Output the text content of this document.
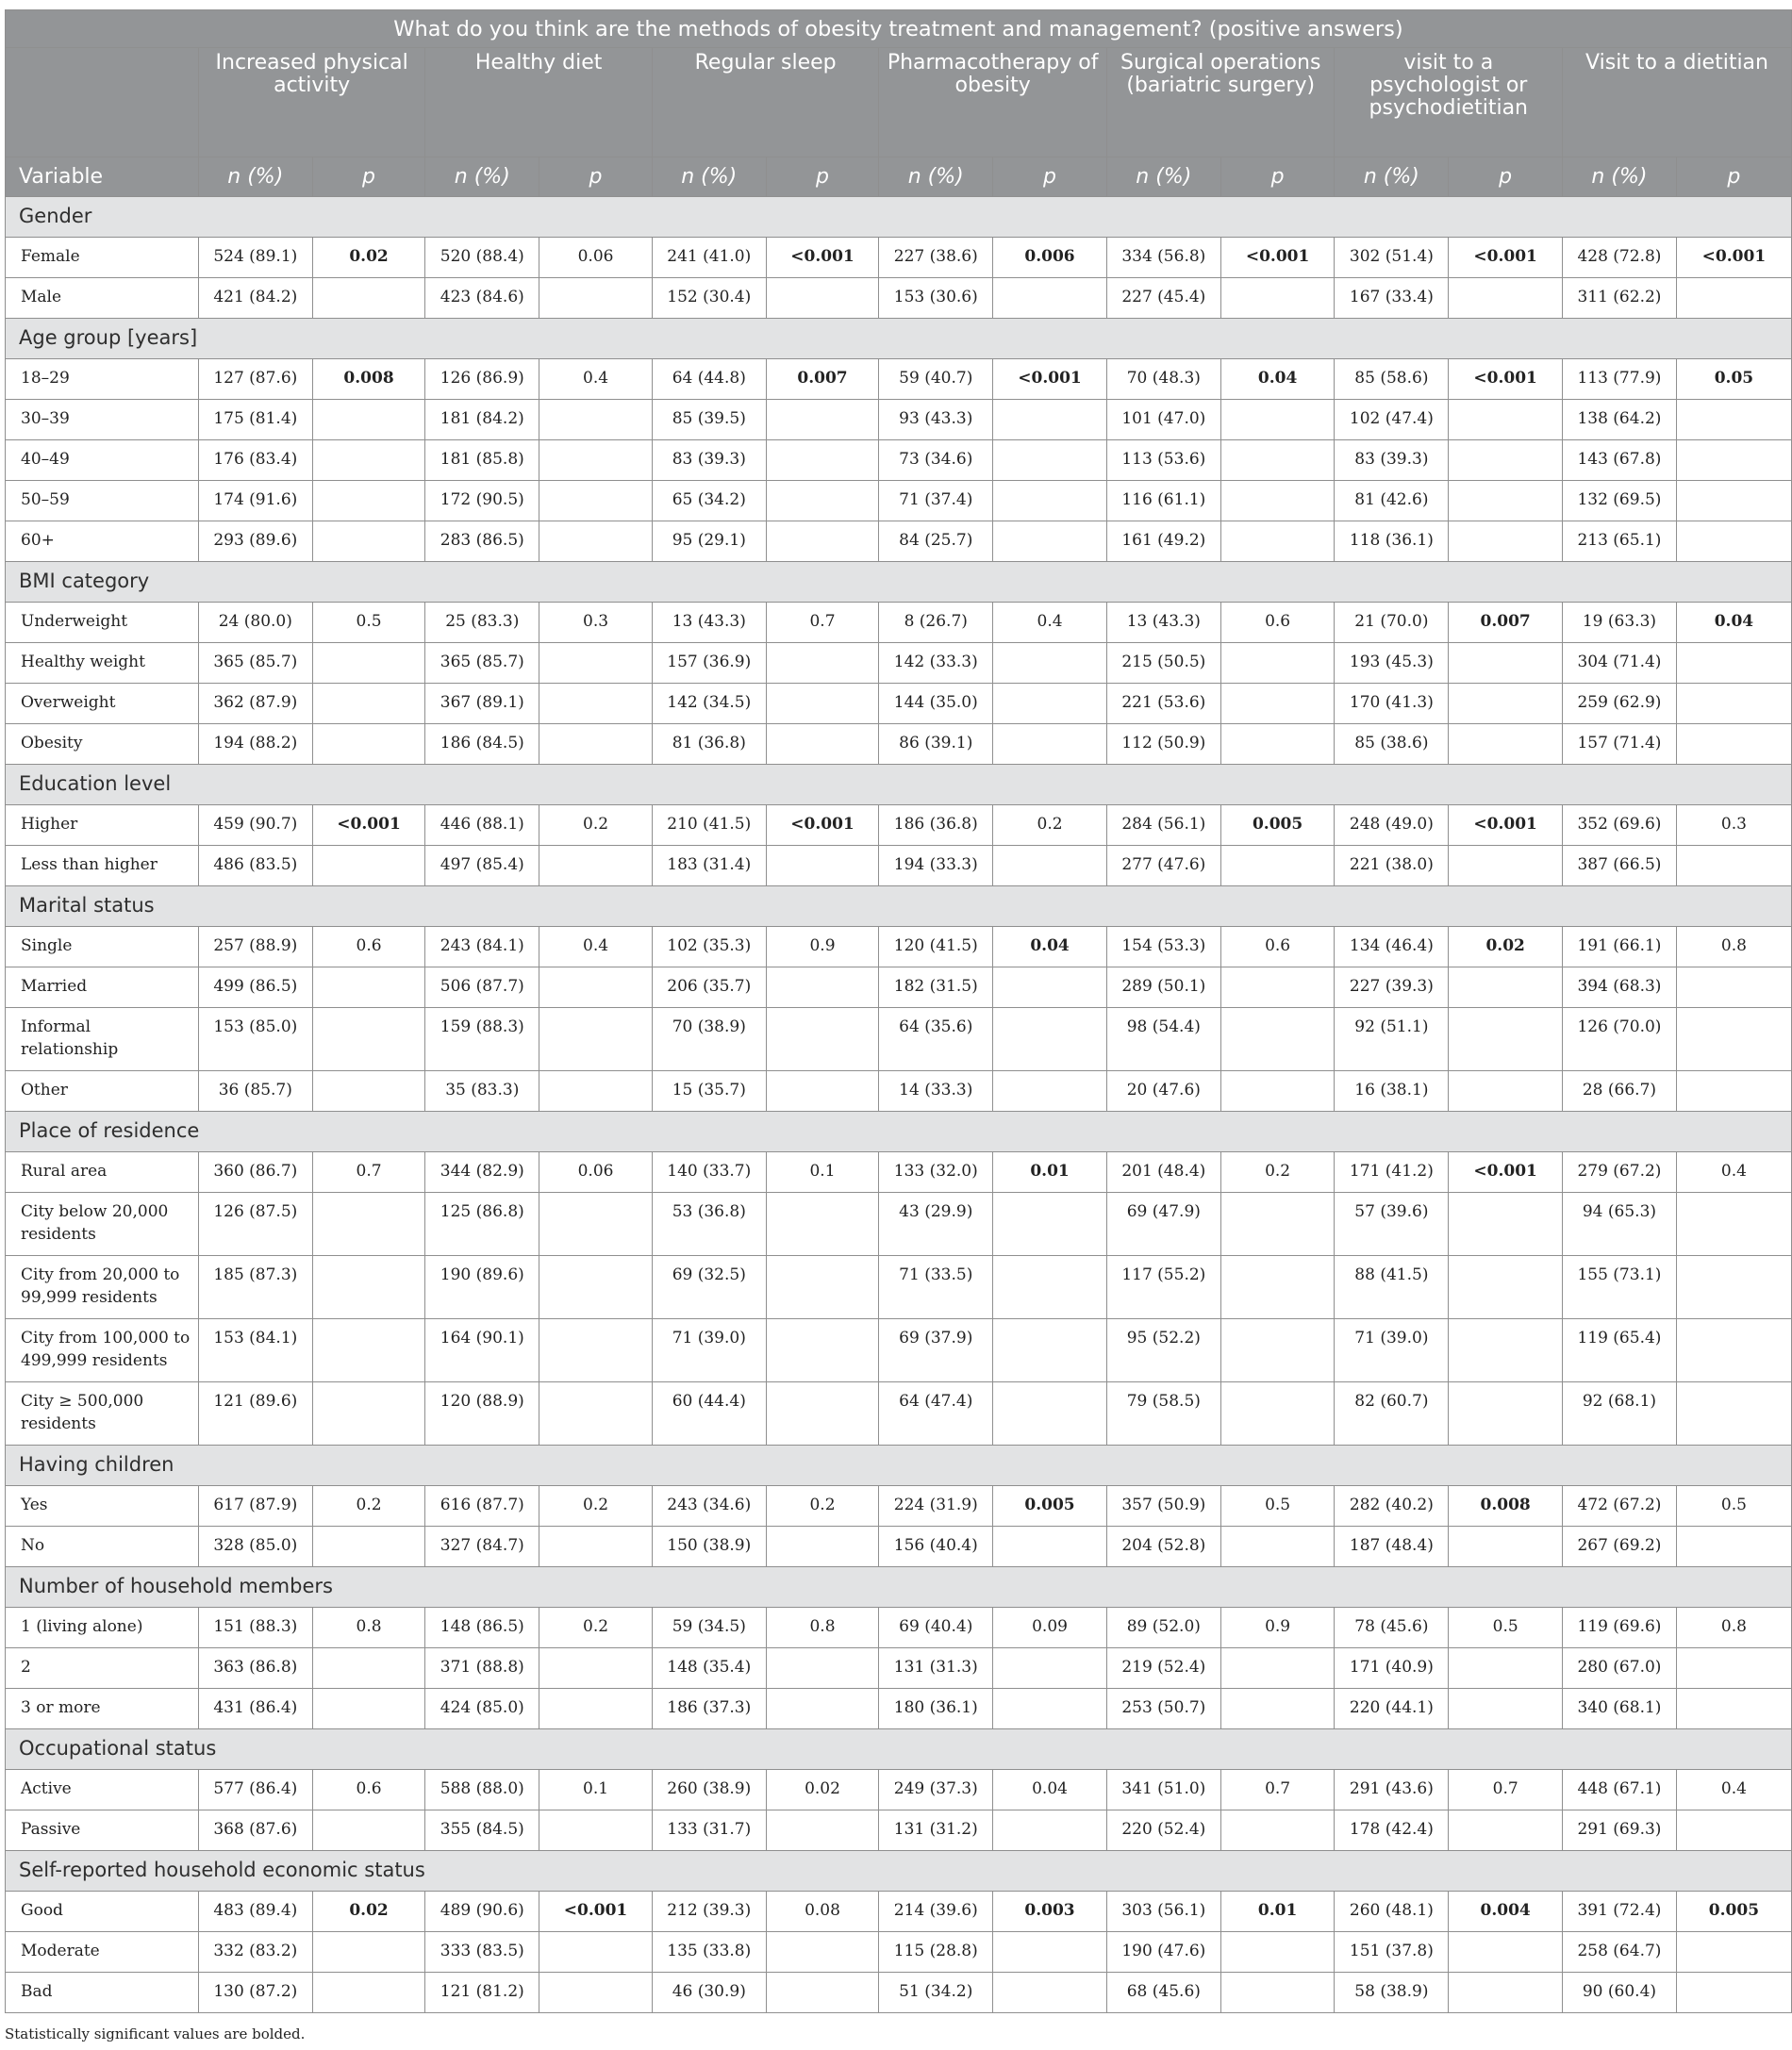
What do you think are the methods of obesity treatment and management? (positive answers)														
	Increased physical activity		Healthy diet		Regular sleep		Pharmacotherapy of obesity		Surgical operations (bariatric surgery)		visit to a psychologist or psychodietitian		Visit to a dietitian	
Variable	n (%)	p	n (%)	p	n (%)	p	n (%)	p	n (%)	p	n (%)	p	n (%)	p
Gender														
Female	524 (89.1)	0.02	520 (88.4)	0.06	241 (41.0)	<0.001	227 (38.6)	0.006	334 (56.8)	<0.001	302 (51.4)	<0.001	428 (72.8)	<0.001
Male	421 (84.2)		423 (84.6)		152 (30.4)		153 (30.6)		227 (45.4)		167 (33.4)		311 (62.2)	
Age group [years]														
18–29	127 (87.6)	0.008	126 (86.9)	0.4	64 (44.8)	0.007	59 (40.7)	<0.001	70 (48.3)	0.04	85 (58.6)	<0.001	113 (77.9)	0.05
30–39	175 (81.4)		181 (84.2)		85 (39.5)		93 (43.3)		101 (47.0)		102 (47.4)		138 (64.2)	
40–49	176 (83.4)		181 (85.8)		83 (39.3)		73 (34.6)		113 (53.6)		83 (39.3)		143 (67.8)	
50–59	174 (91.6)		172 (90.5)		65 (34.2)		71 (37.4)		116 (61.1)		81 (42.6)		132 (69.5)	
60+	293 (89.6)		283 (86.5)		95 (29.1)		84 (25.7)		161 (49.2)		118 (36.1)		213 (65.1)	
BMI category														
Underweight	24 (80.0)	0.5	25 (83.3)	0.3	13 (43.3)	0.7	8 (26.7)	0.4	13 (43.3)	0.6	21 (70.0)	0.007	19 (63.3)	0.04
Healthy weight	365 (85.7)		365 (85.7)		157 (36.9)		142 (33.3)		215 (50.5)		193 (45.3)		304 (71.4)	
Overweight	362 (87.9)		367 (89.1)		142 (34.5)		144 (35.0)		221 (53.6)		170 (41.3)		259 (62.9)	
Obesity	194 (88.2)		186 (84.5)		81 (36.8)		86 (39.1)		112 (50.9)		85 (38.6)		157 (71.4)	
Education level														
Higher	459 (90.7)	<0.001	446 (88.1)	0.2	210 (41.5)	<0.001	186 (36.8)	0.2	284 (56.1)	0.005	248 (49.0)	<0.001	352 (69.6)	0.3
Less than higher	486 (83.5)		497 (85.4)		183 (31.4)		194 (33.3)		277 (47.6)		221 (38.0)		387 (66.5)	
Marital status														
Single	257 (88.9)	0.6	243 (84.1)	0.4	102 (35.3)	0.9	120 (41.5)	0.04	154 (53.3)	0.6	134 (46.4)	0.02	191 (66.1)	0.8
Married	499 (86.5)		506 (87.7)		206 (35.7)		182 (31.5)		289 (50.1)		227 (39.3)		394 (68.3)	
Informal relationship	153 (85.0)		159 (88.3)		70 (38.9)		64 (35.6)		98 (54.4)		92 (51.1)		126 (70.0)	
Other	36 (85.7)		35 (83.3)		15 (35.7)		14 (33.3)		20 (47.6)		16 (38.1)		28 (66.7)	
Place of residence														
Rural area	360 (86.7)	0.7	344 (82.9)	0.06	140 (33.7)	0.1	133 (32.0)	0.01	201 (48.4)	0.2	171 (41.2)	<0.001	279 (67.2)	0.4
City below 20,000 residents	126 (87.5)		125 (86.8)		53 (36.8)		43 (29.9)		69 (47.9)		57 (39.6)		94 (65.3)	
City from 20,000 to 99,999 residents	185 (87.3)		190 (89.6)		69 (32.5)		71 (33.5)		117 (55.2)		88 (41.5)		155 (73.1)	
City from 100,000 to 499,999 residents	153 (84.1)		164 (90.1)		71 (39.0)		69 (37.9)		95 (52.2)		71 (39.0)		119 (65.4)	
City ≥ 500,000 residents	121 (89.6)		120 (88.9)		60 (44.4)		64 (47.4)		79 (58.5)		82 (60.7)		92 (68.1)	
Having children														
Yes	617 (87.9)	0.2	616 (87.7)	0.2	243 (34.6)	0.2	224 (31.9)	0.005	357 (50.9)	0.5	282 (40.2)	0.008	472 (67.2)	0.5
No	328 (85.0)		327 (84.7)		150 (38.9)		156 (40.4)		204 (52.8)		187 (48.4)		267 (69.2)	
Number of household members														
1 (living alone)	151 (88.3)	0.8	148 (86.5)	0.2	59 (34.5)	0.8	69 (40.4)	0.09	89 (52.0)	0.9	78 (45.6)	0.5	119 (69.6)	0.8
2	363 (86.8)		371 (88.8)		148 (35.4)		131 (31.3)		219 (52.4)		171 (40.9)		280 (67.0)	
3 or more	431 (86.4)		424 (85.0)		186 (37.3)		180 (36.1)		253 (50.7)		220 (44.1)		340 (68.1)	
Occupational status														
Active	577 (86.4)	0.6	588 (88.0)	0.1	260 (38.9)	0.02	249 (37.3)	0.04	341 (51.0)	0.7	291 (43.6)	0.7	448 (67.1)	0.4
Passive	368 (87.6)		355 (84.5)		133 (31.7)		131 (31.2)		220 (52.4)		178 (42.4)		291 (69.3)	
Self-reported household economic status														
Good	483 (89.4)	0.02	489 (90.6)	<0.001	212 (39.3)	0.08	214 (39.6)	0.003	303 (56.1)	0.01	260 (48.1)	0.004	391 (72.4)	0.005
Moderate	332 (83.2)		333 (83.5)		135 (33.8)		115 (28.8)		190 (47.6)		151 (37.8)		258 (64.7)	
Bad	130 (87.2)		121 (81.2)		46 (30.9)		51 (34.2)		68 (45.6)		58 (38.9)		90 (60.4)	
Statistically significant values are bolded.
